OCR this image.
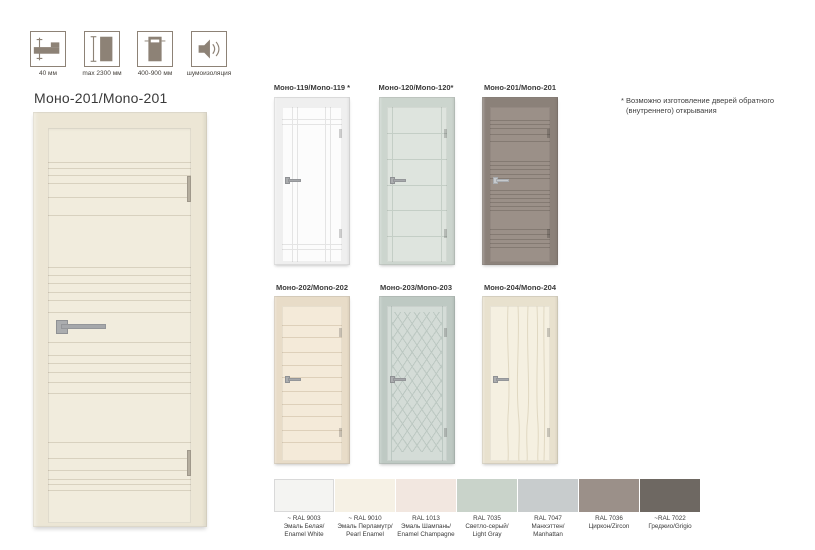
40 мм	max 2300 мм	400-900 мм	шумоизоляция
Моно-201/Mono-201
Моно-119/Mono-119 *	Моно-120/Mono-120*	Моно-201/Mono-201
Моно-202/Mono-202	Моно-203/Mono-203	Моно-204/Mono-204
* Возможно изготовление дверей обратного
(внутреннего) открывания
~ RAL 9003
Эмаль Белая/
Enamel White
~ RAL 9010
Эмаль Перламутр/
Pearl Enamel
RAL 1013
Эмаль Шампань/
Enamel Champagne
RAL 7035
Светло-серый/
Light Gray
RAL 7047
Манхэттен/
Manhattan
RAL 7036
Циркон/Zircon
~RAL 7022
Греджио/Grigio
